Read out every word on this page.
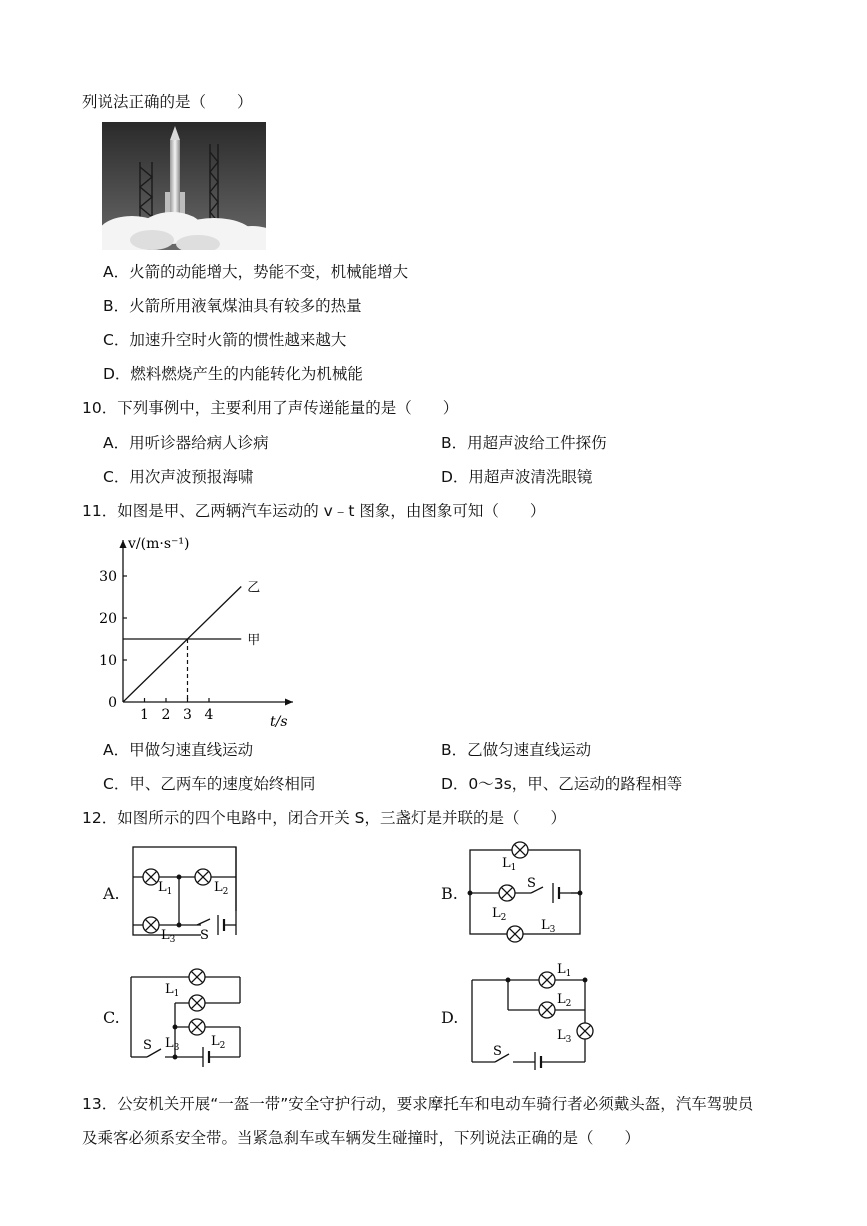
列说法正确的是（　　）
A．火箭的动能增大，势能不变，机械能增大
B．火箭所用液氧煤油具有较多的热量
C．加速升空时火箭的惯性越来越大
D．燃料燃烧产生的内能转化为机械能
10．下列事例中，主要利用了声传递能量的是（　　）
A．用听诊器给病人诊病	B．用超声波给工件探伤
C．用次声波预报海啸	D．用超声波清洗眼镜
11．如图是甲、乙两辆汽车运动的 v﹣t 图象，由图象可知（　　）
0
10
20
30
1 2 3 4
乙
甲
v/(m·s⁻¹)
t/s
A．甲做匀速直线运动	B．乙做匀速直线运动
C．甲、乙两车的速度始终相同	D．0～3s，甲、乙运动的路程相等
12．如图所示的四个电路中，闭合开关 S，三盏灯是并联的是（　　）
A.	$L_1$	$L_2$
$L_3$ S
B.
$L_1$
$L_2$	$L_3$
S
C.
$L_1$
$L_2$
$L_3$
S
D.
$L_1$
$L_2$
$L_3$
S
13．公安机关开展“一盔一带”安全守护行动，要求摩托车和电动车骑行者必须戴头盔，汽车驾驶员
及乘客必须系安全带。当紧急刹车或车辆发生碰撞时，下列说法正确的是（　　）
